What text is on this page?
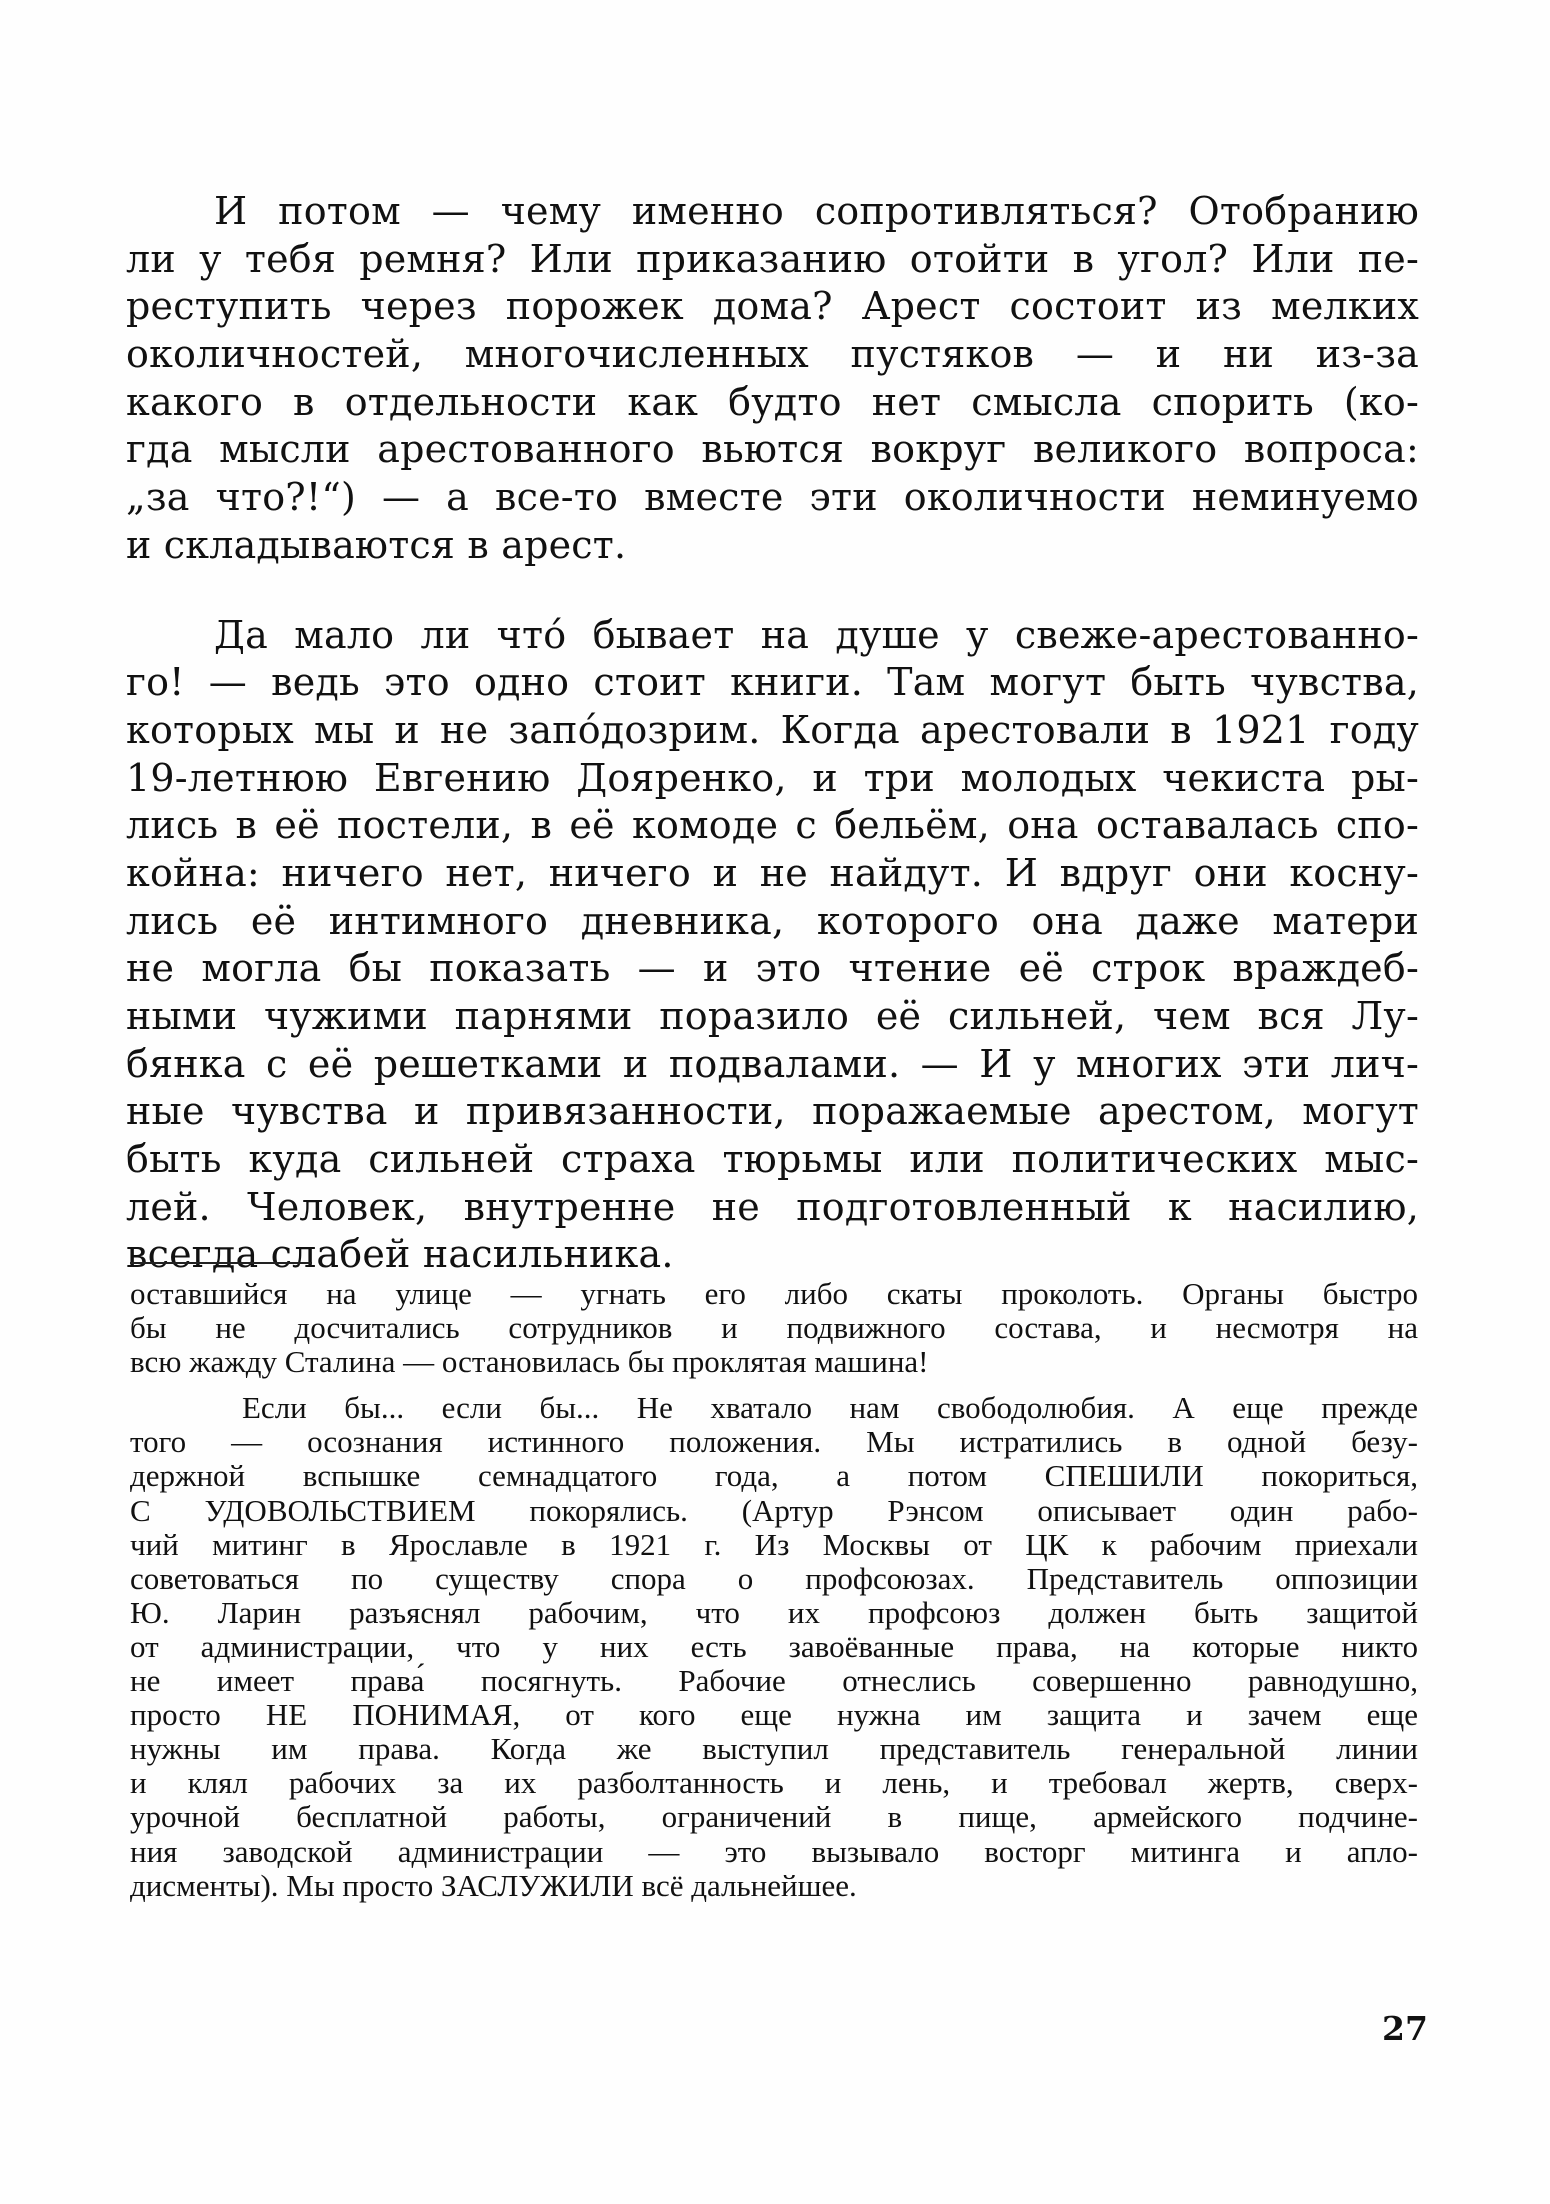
И потом — чему именно сопротивляться? Отобранию
ли у тебя ремня? Или приказанию отойти в угол? Или пе-
реступить через порожек дома? Арест состоит из мелких
околичностей, многочисленных пустяков — и ни из-за
какого в отдельности как будто нет смысла спорить (ко-
гда мысли арестованного вьются вокруг великого вопроса:
„за что?!“) — а все-то вместе эти околичности неминуемо
и складываются в арест.
Да мало ли что́ бывает на душе у свеже-арестованно-
го! — ведь это одно стоит книги. Там могут быть чувства,
которых мы и не запо́дозрим. Когда арестовали в 1921 году
19-летнюю Евгению Дояренко, и три молодых чекиста ры-
лись в её постели, в её комоде с бельём, она оставалась спо-
койна: ничего нет, ничего и не найдут. И вдруг они косну-
лись её интимного дневника, которого она даже матери
не могла бы показать — и это чтение её строк враждеб-
ными чужими парнями поразило её сильней, чем вся Лу-
бянка с её решетками и подвалами. — И у многих эти лич-
ные чувства и привязанности, поражаемые арестом, могут
быть куда сильней страха тюрьмы или политических мыс-
лей. Человек, внутренне не подготовленный к насилию,
всегда слабей насильника.
оставшийся на улице — угнать его либо скаты проколоть. Органы быстро
бы не досчитались сотрудников и подвижного состава, и несмотря на
всю жажду Сталина — остановилась бы проклятая машина!
Если бы... если бы... Не хватало нам свободолюбия. А еще прежде
того — осознания истинного положения. Мы истратились в одной безу-
держной вспышке семнадцатого года, а потом СПЕШИЛИ покориться,
С УДОВОЛЬСТВИЕМ покорялись. (Артур Рэнсом описывает один рабо-
чий митинг в Ярославле в 1921 г. Из Москвы от ЦК к рабочим приехали
советоваться по существу спора о профсоюзах. Представитель оппозиции
Ю. Ларин разъяснял рабочим, что их профсоюз должен быть защитой
от администрации, что у них есть завоёванные права, на которые никто
не имеет права́ посягнуть. Рабочие отнеслись совершенно равнодушно,
просто НЕ ПОНИМАЯ, от кого еще нужна им защита и зачем еще
нужны им права. Когда же выступил представитель генеральной линии
и клял рабочих за их разболтанность и лень, и требовал жертв, сверх-
урочной бесплатной работы, ограничений в пище, армейского подчине-
ния заводской администрации — это вызывало восторг митинга и апло-
дисменты). Мы просто ЗАСЛУЖИЛИ всё дальнейшее.
27
